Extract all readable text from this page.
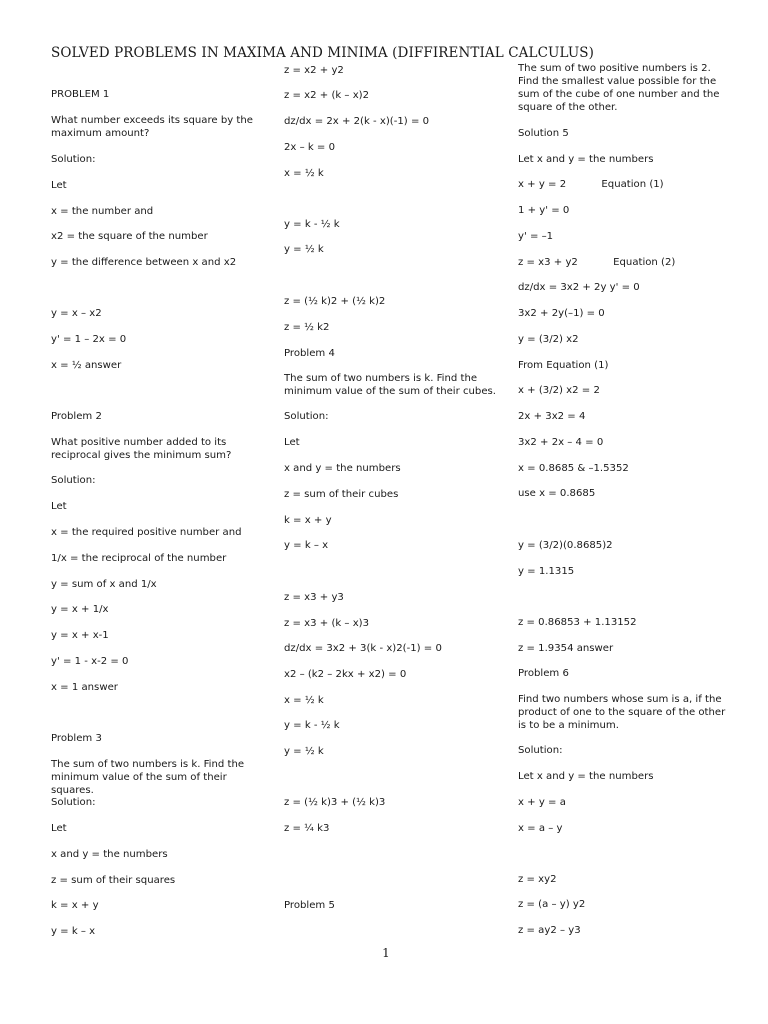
SOLVED PROBLEMS IN MAXIMA AND MINIMA (DIFFIRENTIAL CALCULUS)
PROBLEM 1
What number exceeds its square by the maximum amount?
Solution:
Let
x = the number and
x2 = the square of the number
y = the difference between x and x2
y = x – x2
y' = 1 – 2x = 0
x = ½ answer
Problem 2
What positive number added to its reciprocal gives the minimum sum?
Solution:
Let
x = the required positive number and
1/x = the reciprocal of the number
y = sum of x and 1/x
y = x + 1/x
y = x + x-1
y' = 1 - x-2 = 0
x = 1 answer
Problem 3
The sum of two numbers is k. Find the minimum value of the sum of their squares.
Solution:
Let
x and y = the numbers
z = sum of their squares
k = x + y
y = k – x
z = x2 + y2
z = x2 + (k – x)2
dz/dx = 2x + 2(k - x)(-1) = 0
2x – k = 0
x = ½ k
y = k - ½ k
y = ½ k
z = (½ k)2 + (½ k)2
z = ½ k2
Problem 4
The sum of two numbers is k. Find the minimum value of the sum of their cubes.
Solution:
Let
x and y = the numbers
z = sum of their cubes
k = x + y
y = k – x
z = x3 + y3
z = x3 + (k – x)3
dz/dx = 3x2 + 3(k - x)2(-1) = 0
x2 – (k2 – 2kx + x2) = 0
x = ½ k
y = k - ½ k
y = ½ k
z = (½ k)3 + (½ k)3
z = ¼ k3
Problem 5
The sum of two positive numbers is 2. Find the smallest value possible for the sum of the cube of one number and the square of the other.
Solution 5
Let x and y = the numbers
x + y = 2           Equation (1)
1 + y' = 0
y' = –1
z = x3 + y2           Equation (2)
dz/dx = 3x2 + 2y y' = 0
3x2 + 2y(–1) = 0
y = (3/2) x2
From Equation (1)
x + (3/2) x2 = 2
2x + 3x2 = 4
3x2 + 2x – 4 = 0
x = 0.8685 & –1.5352
use x = 0.8685
y = (3/2)(0.8685)2
y = 1.1315
z = 0.86853 + 1.13152
z = 1.9354 answer
Problem 6
Find two numbers whose sum is a, if the product of one to the square of the other is to be a minimum.
Solution:
Let x and y = the numbers
x + y = a
x = a – y
z = xy2
z = (a – y) y2
z = ay2 – y3
1
